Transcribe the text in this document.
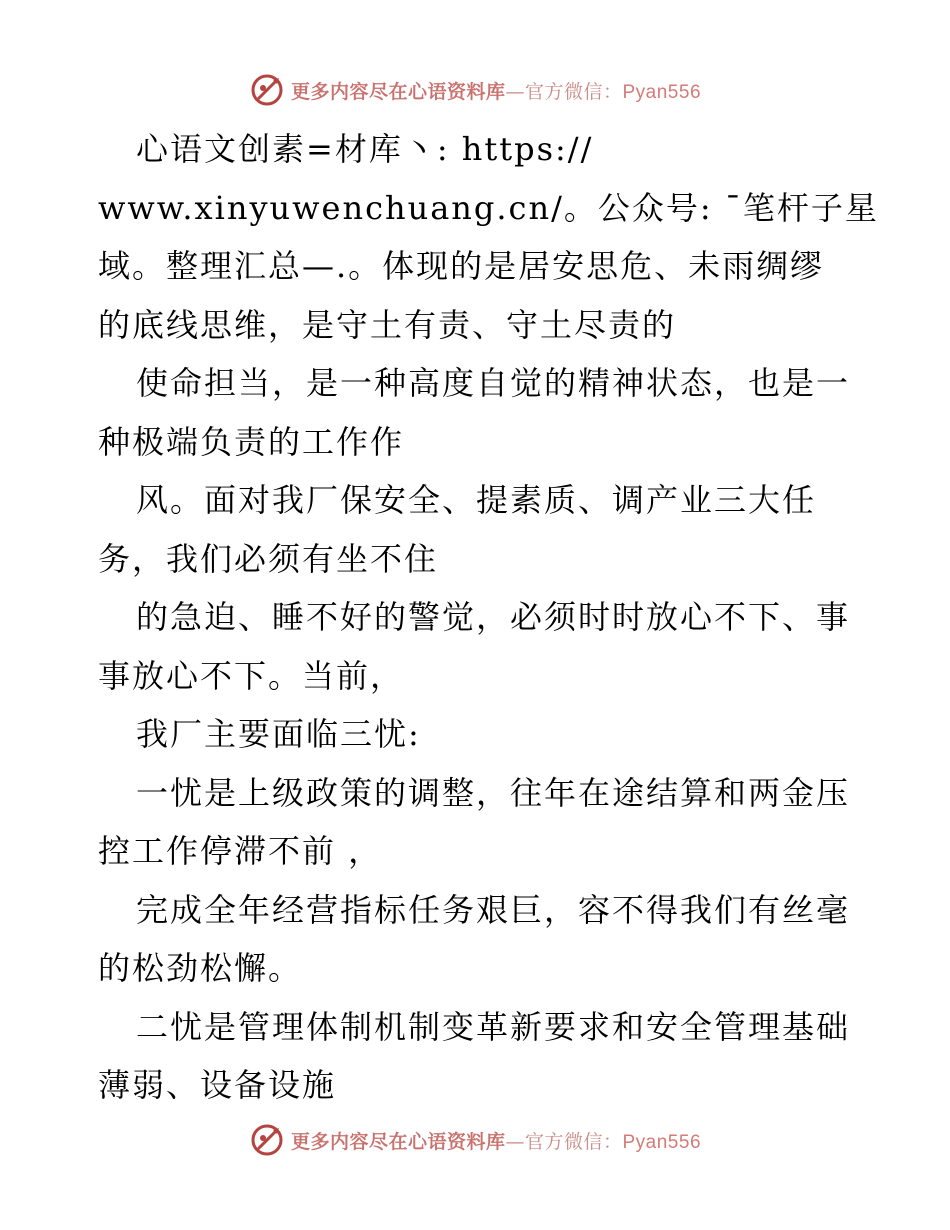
更多内容尽在心语资料库—官方微信：Pyan556
心语文创素=材库丶: https://
www.xinyuwenchuang.cn/。公众号: ¯笔杆子星
域。整理汇总—.。体现的是居安思危、未雨绸缪
的底线思维，是守土有责、守土尽责的
使命担当，是一种高度自觉的精神状态，也是一
种极端负责的工作作
风。面对我厂保安全、提素质、调产业三大任
务，我们必须有坐不住
的急迫、睡不好的警觉，必须时时放心不下、事
事放心不下。当前，
我厂主要面临三忧:
一忧是上级政策的调整，往年在途结算和两金压
控工作停滞不前 ，
完成全年经营指标任务艰巨，容不得我们有丝毫
的松劲松懈。
二忧是管理体制机制变革新要求和安全管理基础
薄弱、设备设施
更多内容尽在心语资料库—官方微信：Pyan556
